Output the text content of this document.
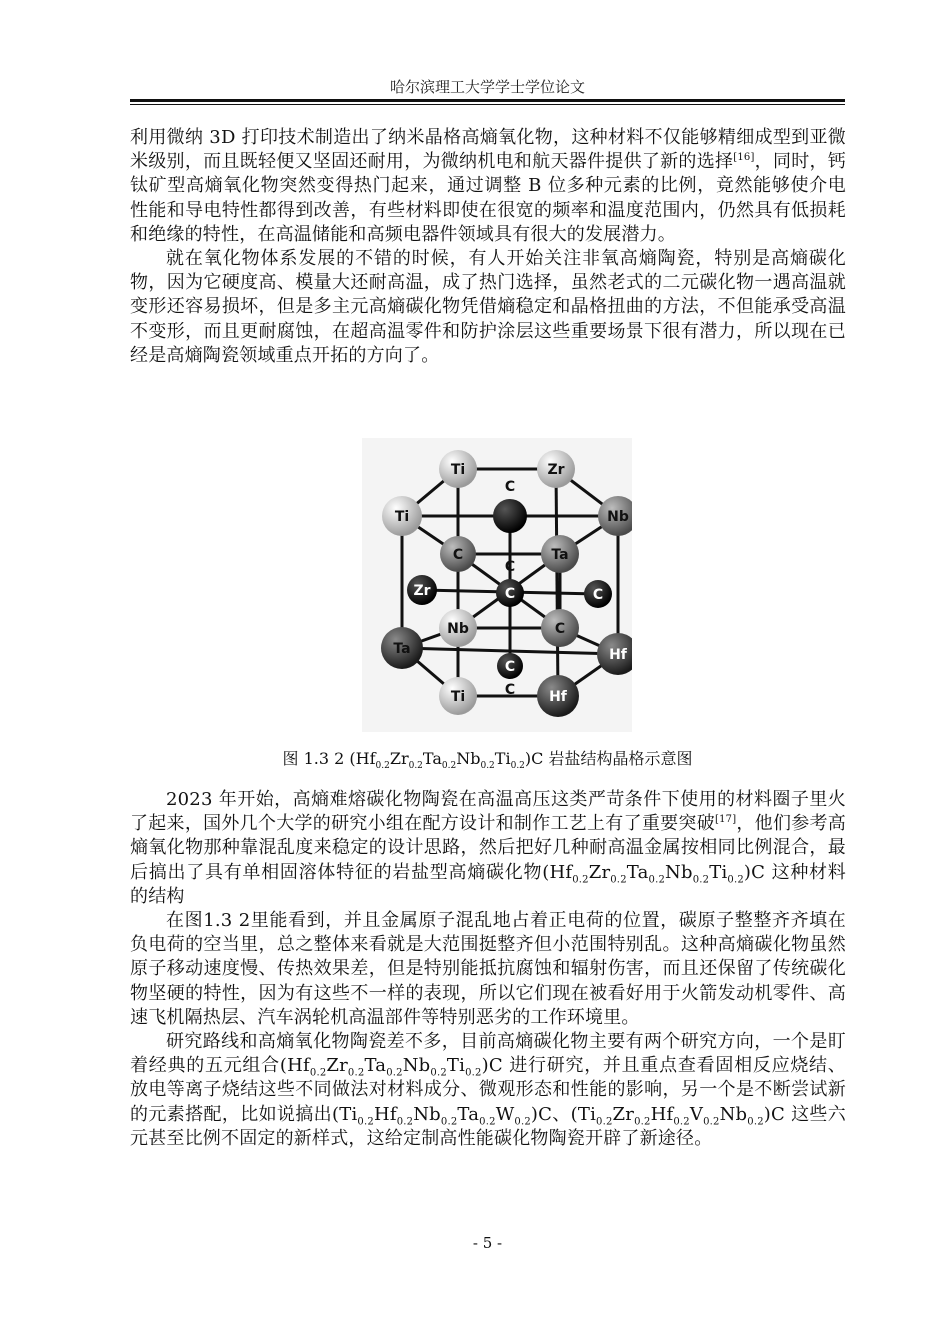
哈尔滨理工大学学士学位论文

利用微纳 3D 打印技术制造出了纳米晶格高熵氧化物，这种材料不仅能够精细成型到亚微米级别，而且既轻便又坚固还耐用，为微纳机电和航天器件提供了新的选择[16]，同时，钙钛矿型高熵氧化物突然变得热门起来，通过调整 B 位多种元素的比例，竟然能够使介电性能和导电特性都得到改善，有些材料即使在很宽的频率和温度范围内，仍然具有低损耗和绝缘的特性，在高温储能和高频电器件领域具有很大的发展潜力。

就在氧化物体系发展的不错的时候，有人开始关注非氧高熵陶瓷，特别是高熵碳化物，因为它硬度高、模量大还耐高温，成了热门选择，虽然老式的二元碳化物一遇高温就变形还容易损坏，但是多主元高熵碳化物凭借熵稳定和晶格扭曲的方法，不但能承受高温不变形，而且更耐腐蚀，在超高温零件和防护涂层这些重要场景下很有潜力，所以现在已经是高熵陶瓷领域重点开拓的方向了。

Ti	Zr
C
Ti	Nb
C	Ta
C
Zr	C	C
Nb	C
Ta	Hf
C
C
Ti	Hf
图 1.3 2 $(Hf_{0.2}Zr_{0.2}Ta_{0.2}Nb_{0.2}Ti_{0.2})C$ 岩盐结构晶格示意图

2023 年开始，高熵难熔碳化物陶瓷在高温高压这类严苛条件下使用的材料圈子里火了起来，国外几个大学的研究小组在配方设计和制作工艺上有了重要突破[17]，他们参考高熵氧化物那种靠混乱度来稳定的设计思路，然后把好几种耐高温金属按相同比例混合，最后搞出了具有单相固溶体特征的岩盐型高熵碳化物$(Hf_{0.2}Zr_{0.2}Ta_{0.2}Nb_{0.2}Ti_{0.2})C$ 这种材料的结构

在图1.3 2里能看到，并且金属原子混乱地占着正电荷的位置，碳原子整整齐齐填在负电荷的空当里，总之整体来看就是大范围挺整齐但小范围特别乱。这种高熵碳化物虽然原子移动速度慢、传热效果差，但是特别能抵抗腐蚀和辐射伤害，而且还保留了传统碳化物坚硬的特性，因为有这些不一样的表现，所以它们现在被看好用于火箭发动机零件、高速飞机隔热层、汽车涡轮机高温部件等特别恶劣的工作环境里。

研究路线和高熵氧化物陶瓷差不多，目前高熵碳化物主要有两个研究方向，一个是盯着经典的五元组合$(Hf_{0.2}Zr_{0.2}Ta_{0.2}Nb_{0.2}Ti_{0.2})C$ 进行研究，并且重点查看固相反应烧结、放电等离子烧结这些不同做法对材料成分、微观形态和性能的影响，另一个是不断尝试新的元素搭配，比如说搞出$(Ti_{0.2}Hf_{0.2}Nb_{0.2}Ta_{0.2}W_{0.2})C$、$(Ti_{0.2}Zr_{0.2}Hf_{0.2}V_{0.2}Nb_{0.2})C$ 这些六元甚至比例不固定的新样式，这给定制高性能碳化物陶瓷开辟了新途径。

- 5 -
